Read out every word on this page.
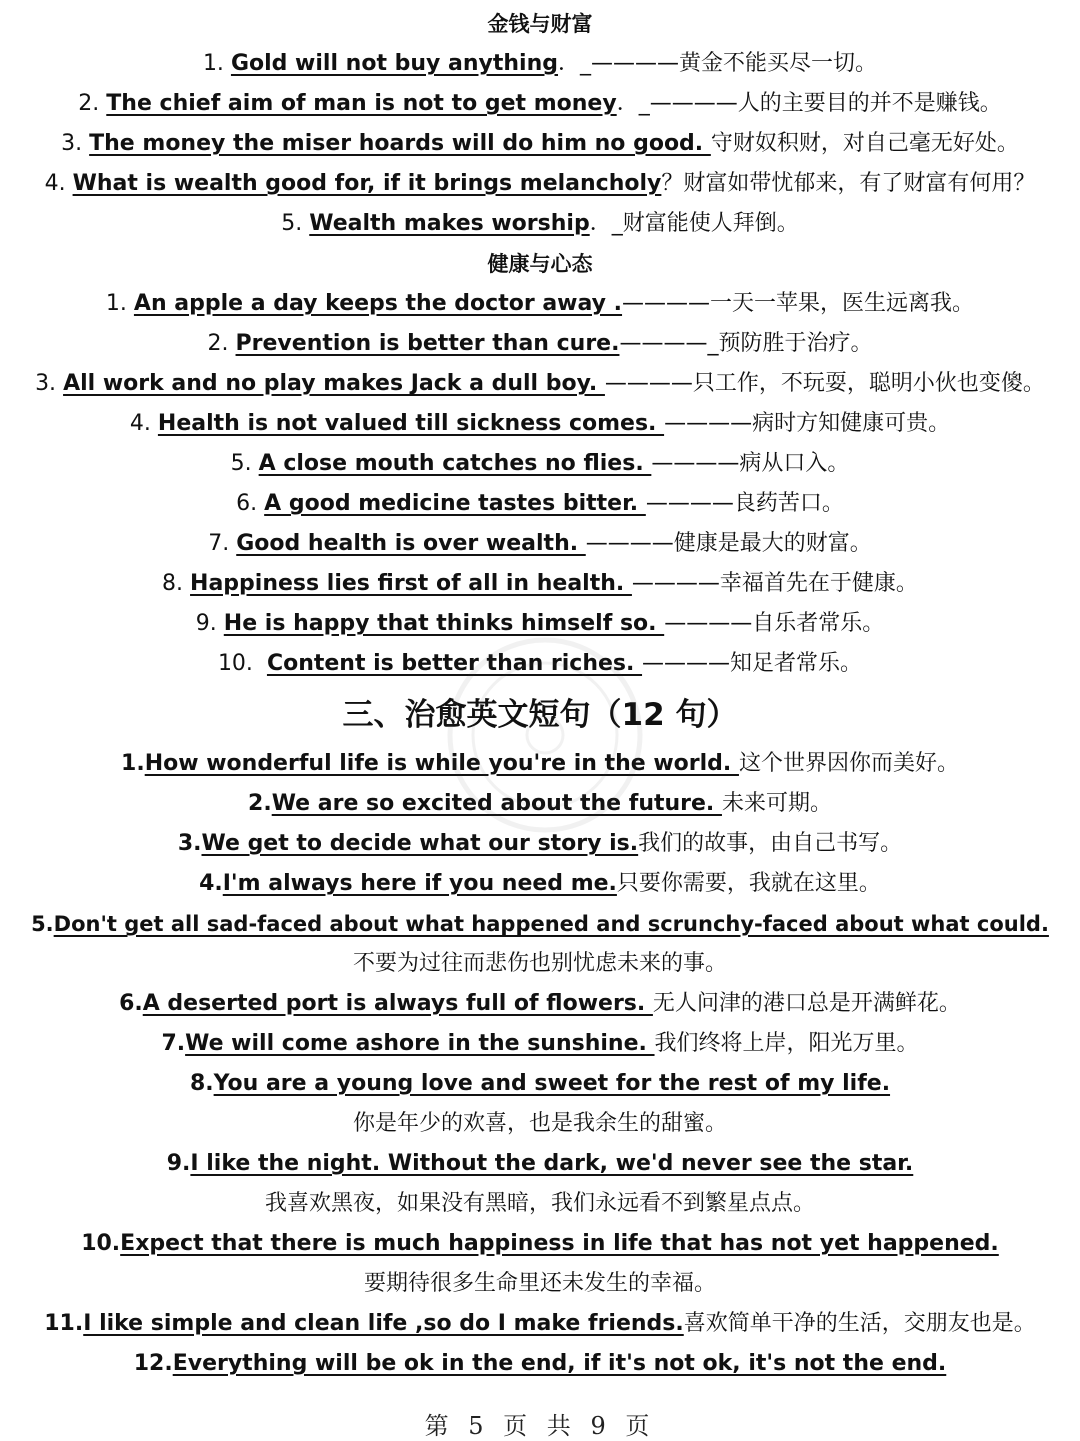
金钱与财富
1. Gold will not buy anything．_————黄金不能买尽一切。
2. The chief aim of man is not to get money．_————人的主要目的并不是赚钱。
3. The money the miser hoards will do him no good. 守财奴积财，对自己毫无好处。
4. What is wealth good for, if it brings melancholy？财富如带忧郁来，有了财富有何用？
5. Wealth makes worship．_财富能使人拜倒。
健康与心态
1. An apple a day keeps the doctor away .————一天一苹果，医生远离我。
2. Prevention is better than cure.————_预防胜于治疗。
3. All work and no play makes Jack a dull boy. ————只工作，不玩耍，聪明小伙也变傻。
4. Health is not valued till sickness comes. ————病时方知健康可贵。
5. A close mouth catches no flies. ————病从口入。
6. A good medicine tastes bitter. ————良药苦口。
7. Good health is over wealth. ————健康是最大的财富。
8. Happiness lies first of all in health. ————幸福首先在于健康。
9. He is happy that thinks himself so. ————自乐者常乐。
10. Content is better than riches. ————知足者常乐。
三、治愈英文短句（12 句）
1.How wonderful life is while you're in the world. 这个世界因你而美好。
2.We are so excited about the future. 未来可期。
3.We get to decide what our story is.我们的故事，由自己书写。
4.I'm always here if you need me.只要你需要，我就在这里。
5.Don't get all sad-faced about what happened and scrunchy-faced about what could.
不要为过往而悲伤也别忧虑未来的事。
6.A deserted port is always full of flowers. 无人问津的港口总是开满鲜花。
7.We will come ashore in the sunshine. 我们终将上岸，阳光万里。
8.You are a young love and sweet for the rest of my life.
你是年少的欢喜，也是我余生的甜蜜。
9.I like the night. Without the dark, we'd never see the star.
我喜欢黑夜，如果没有黑暗，我们永远看不到繁星点点。
10.Expect that there is much happiness in life that has not yet happened.
要期待很多生命里还未发生的幸福。
11.I like simple and clean life ,so do I make friends.喜欢简单干净的生活，交朋友也是。
12.Everything will be ok in the end, if it's not ok, it's not the end.
第 5 页 共 9 页
